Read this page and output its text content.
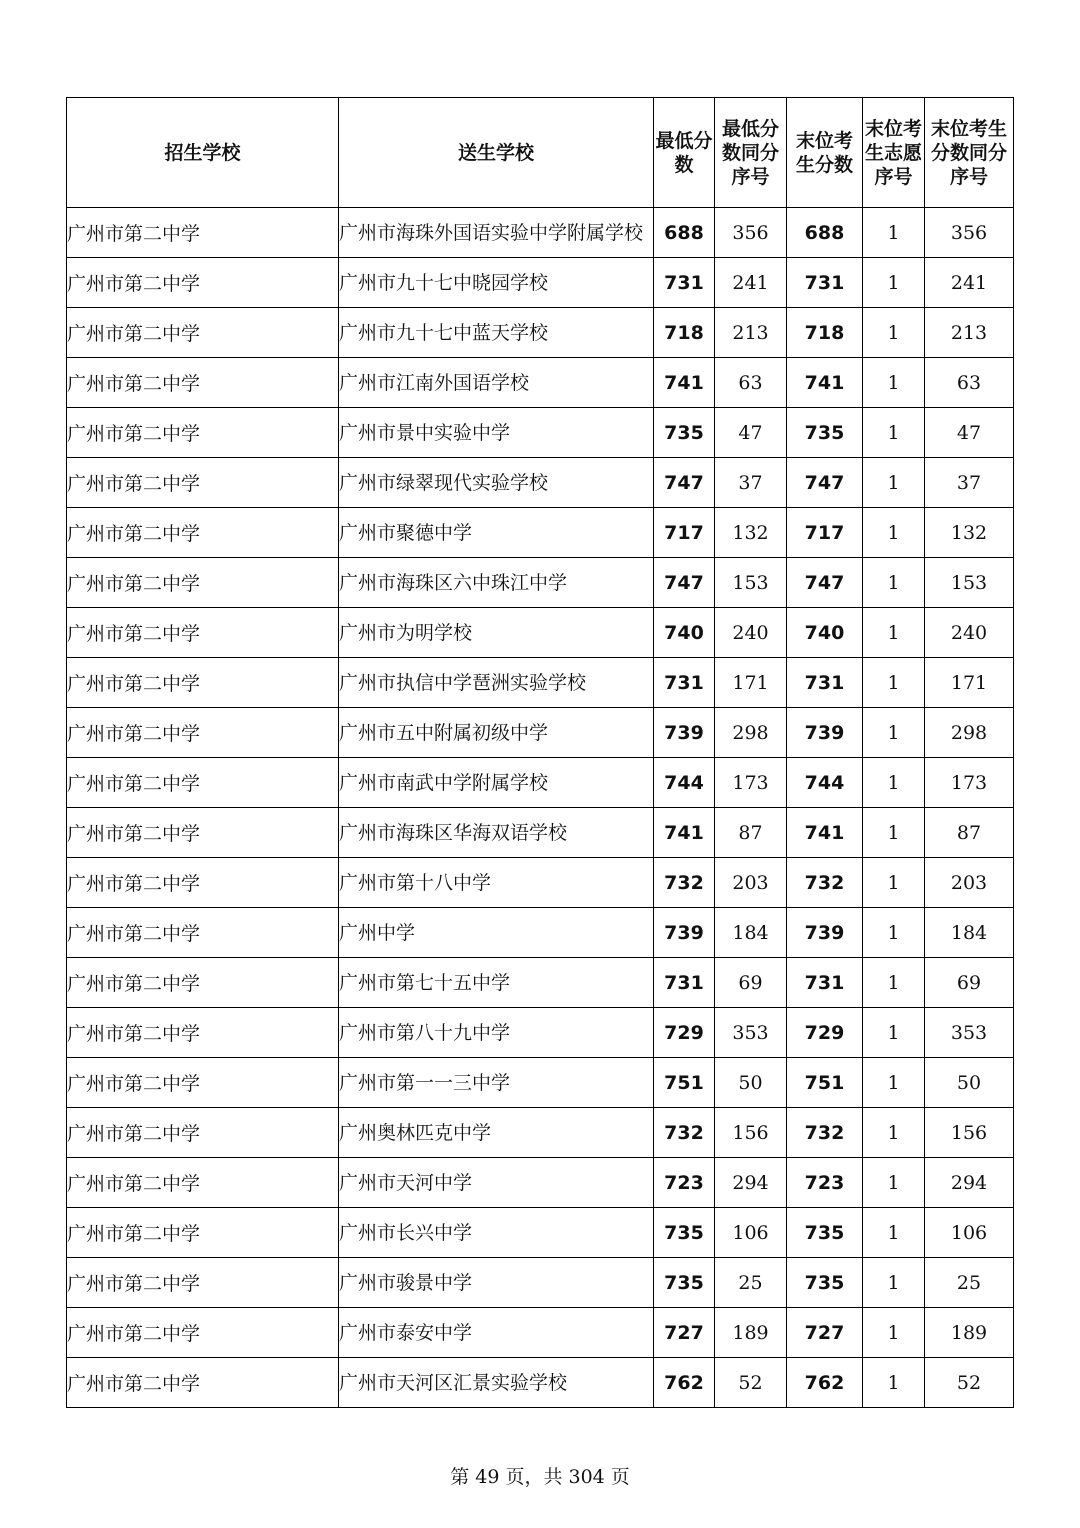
招生学校	送生学校	最低分数	最低分数同分序号	末位考生分数	末位考生志愿序号	末位考生分数同分序号
广州市第二中学	广州市海珠外国语实验中学附属学校	688	356	688	1	356
广州市第二中学	广州市九十七中晓园学校	731	241	731	1	241
广州市第二中学	广州市九十七中蓝天学校	718	213	718	1	213
广州市第二中学	广州市江南外国语学校	741	63	741	1	63
广州市第二中学	广州市景中实验中学	735	47	735	1	47
广州市第二中学	广州市绿翠现代实验学校	747	37	747	1	37
广州市第二中学	广州市聚德中学	717	132	717	1	132
广州市第二中学	广州市海珠区六中珠江中学	747	153	747	1	153
广州市第二中学	广州市为明学校	740	240	740	1	240
广州市第二中学	广州市执信中学琶洲实验学校	731	171	731	1	171
广州市第二中学	广州市五中附属初级中学	739	298	739	1	298
广州市第二中学	广州市南武中学附属学校	744	173	744	1	173
广州市第二中学	广州市海珠区华海双语学校	741	87	741	1	87
广州市第二中学	广州市第十八中学	732	203	732	1	203
广州市第二中学	广州中学	739	184	739	1	184
广州市第二中学	广州市第七十五中学	731	69	731	1	69
广州市第二中学	广州市第八十九中学	729	353	729	1	353
广州市第二中学	广州市第一一三中学	751	50	751	1	50
广州市第二中学	广州奥林匹克中学	732	156	732	1	156
广州市第二中学	广州市天河中学	723	294	723	1	294
广州市第二中学	广州市长兴中学	735	106	735	1	106
广州市第二中学	广州市骏景中学	735	25	735	1	25
广州市第二中学	广州市泰安中学	727	189	727	1	189
广州市第二中学	广州市天河区汇景实验学校	762	52	762	1	52
第 49 页，共 304 页
